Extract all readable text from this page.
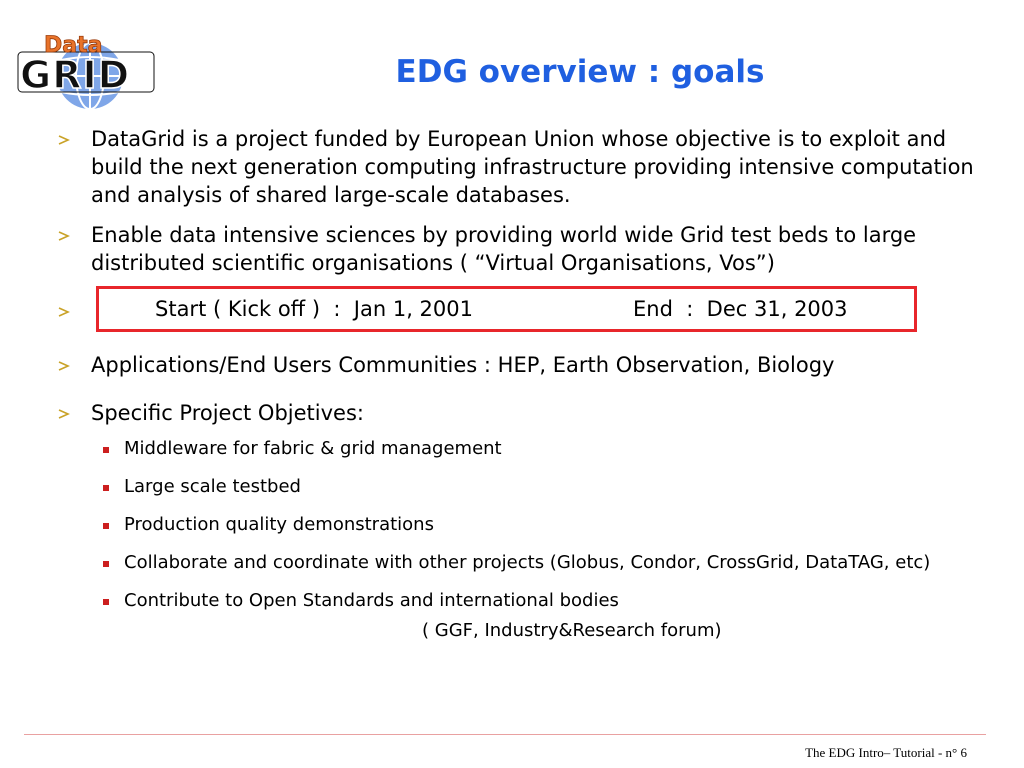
Data
GRID	EDG overview : goals
DataGrid is a project funded by European Union whose objective is to exploit and build the next generation computing infrastructure providing intensive computation and analysis of shared large-scale databases.
Enable data intensive sciences by providing world wide Grid test beds to large distributed scientific organisations ( “Virtual Organisations, Vos”)
Start ( Kick off )  :  Jan 1, 2001	End  :  Dec 31, 2003
Applications/End Users Communities : HEP, Earth Observation, Biology
Specific Project Objetives:
Middleware for fabric & grid management
Large scale testbed
Production quality demonstrations
Collaborate and coordinate with other projects (Globus, Condor, CrossGrid, DataTAG, etc)
Contribute to Open Standards and international bodies
( GGF, Industry&Research forum)
The EDG Intro– Tutorial - n° 6
